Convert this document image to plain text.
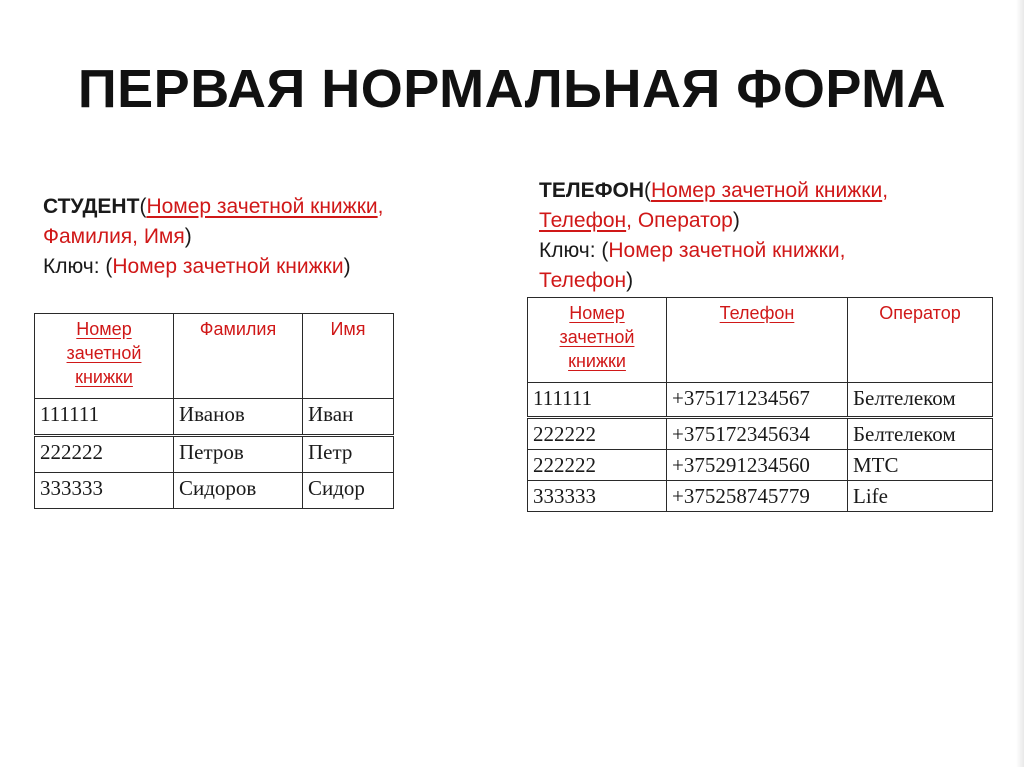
ПЕРВАЯ НОРМАЛЬНАЯ ФОРМА
СТУДЕНТ(Номер зачетной книжки,
Фамилия, Имя)
Ключ: (Номер зачетной книжки)
Номер зачетной книжки	Фамилия	Имя

111111	Иванов	Иван
222222	Петров	Петр
333333	Сидоров	Сидор
ТЕЛЕФОН(Номер зачетной книжки,
Телефон, Оператор)
Ключ: (Номер зачетной книжки,
Телефон)
Номер зачетной книжки	Телефон	Оператор

111111	+375171234567	Белтелеком
222222	+375172345634	Белтелеком
222222	+375291234560	МТС
333333	+375258745779	Life
